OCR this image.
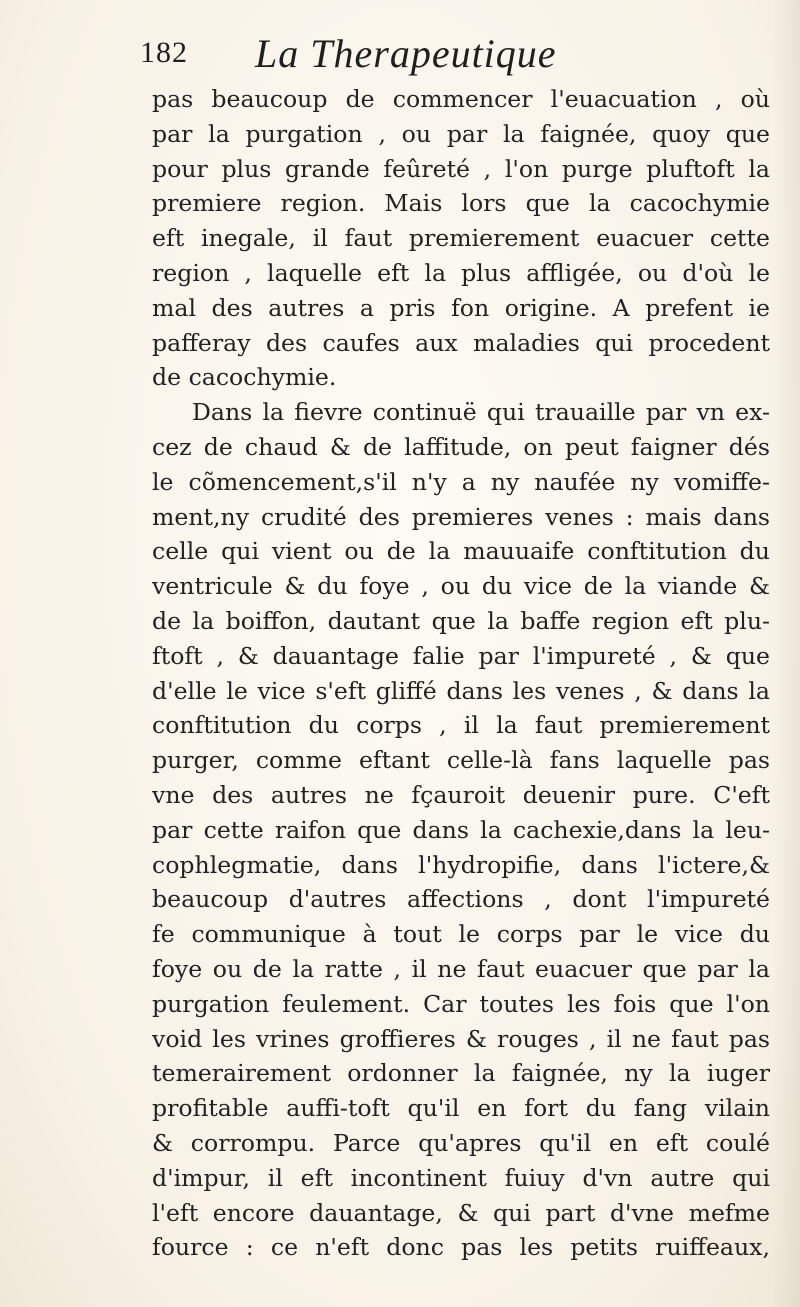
182 La Therapeutique
pas beaucoup de commencer l'euacuation , où
par la purgation , ou par la faignée, quoy que
pour plus grande feûreté , l'on purge pluftoft la
premiere region. Mais lors que la cacochymie
eft inegale, il faut premierement euacuer cette
region , laquelle eft la plus affligée, ou d'où le
mal des autres a pris fon origine. A prefent ie
pafferay des caufes aux maladies qui procedent
de cacochymie.
Dans la fievre continuë qui trauaille par vn ex-
cez de chaud & de laffitude, on peut faigner dés
le cõmencement,s'il n'y a ny naufée ny vomiffe-
ment,ny crudité des premieres venes : mais dans
celle qui vient ou de la mauuaife conftitution du
ventricule & du foye , ou du vice de la viande &
de la boiffon, dautant que la baffe region eft plu-
ftoft , & dauantage falie par l'impureté , & que
d'elle le vice s'eft gliffé dans les venes , & dans la
conftitution du corps , il la faut premierement
purger, comme eftant celle-là fans laquelle pas
vne des autres ne fçauroit deuenir pure. C'eft
par cette raifon que dans la cachexie,dans la leu-
cophlegmatie, dans l'hydropifie, dans l'ictere,&
beaucoup d'autres affections , dont l'impureté
fe communique à tout le corps par le vice du
foye ou de la ratte , il ne faut euacuer que par la
purgation feulement. Car toutes les fois que l'on
void les vrines groffieres & rouges , il ne faut pas
temerairement ordonner la faignée, ny la iuger
profitable auffi-toft qu'il en fort du fang vilain
& corrompu. Parce qu'apres qu'il en eft coulé
d'impur, il eft incontinent fuiuy d'vn autre qui
l'eft encore dauantage, & qui part d'vne mefme
fource : ce n'eft donc pas les petits ruiffeaux,
